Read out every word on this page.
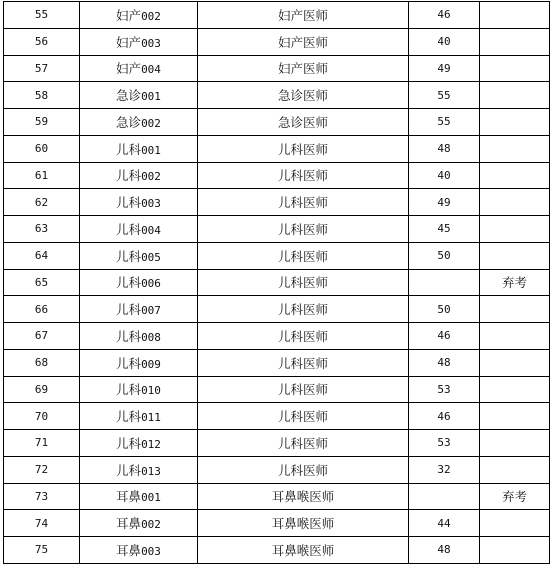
55	妇产002	妇产医师	46	
56	妇产003	妇产医师	40	
57	妇产004	妇产医师	49	
58	急诊001	急诊医师	55	
59	急诊002	急诊医师	55	
60	儿科001	儿科医师	48	
61	儿科002	儿科医师	40	
62	儿科003	儿科医师	49	
63	儿科004	儿科医师	45	
64	儿科005	儿科医师	50	
65	儿科006	儿科医师		弃考
66	儿科007	儿科医师	50	
67	儿科008	儿科医师	46	
68	儿科009	儿科医师	48	
69	儿科010	儿科医师	53	
70	儿科011	儿科医师	46	
71	儿科012	儿科医师	53	
72	儿科013	儿科医师	32	
73	耳鼻001	耳鼻喉医师		弃考
74	耳鼻002	耳鼻喉医师	44	
75	耳鼻003	耳鼻喉医师	48	
